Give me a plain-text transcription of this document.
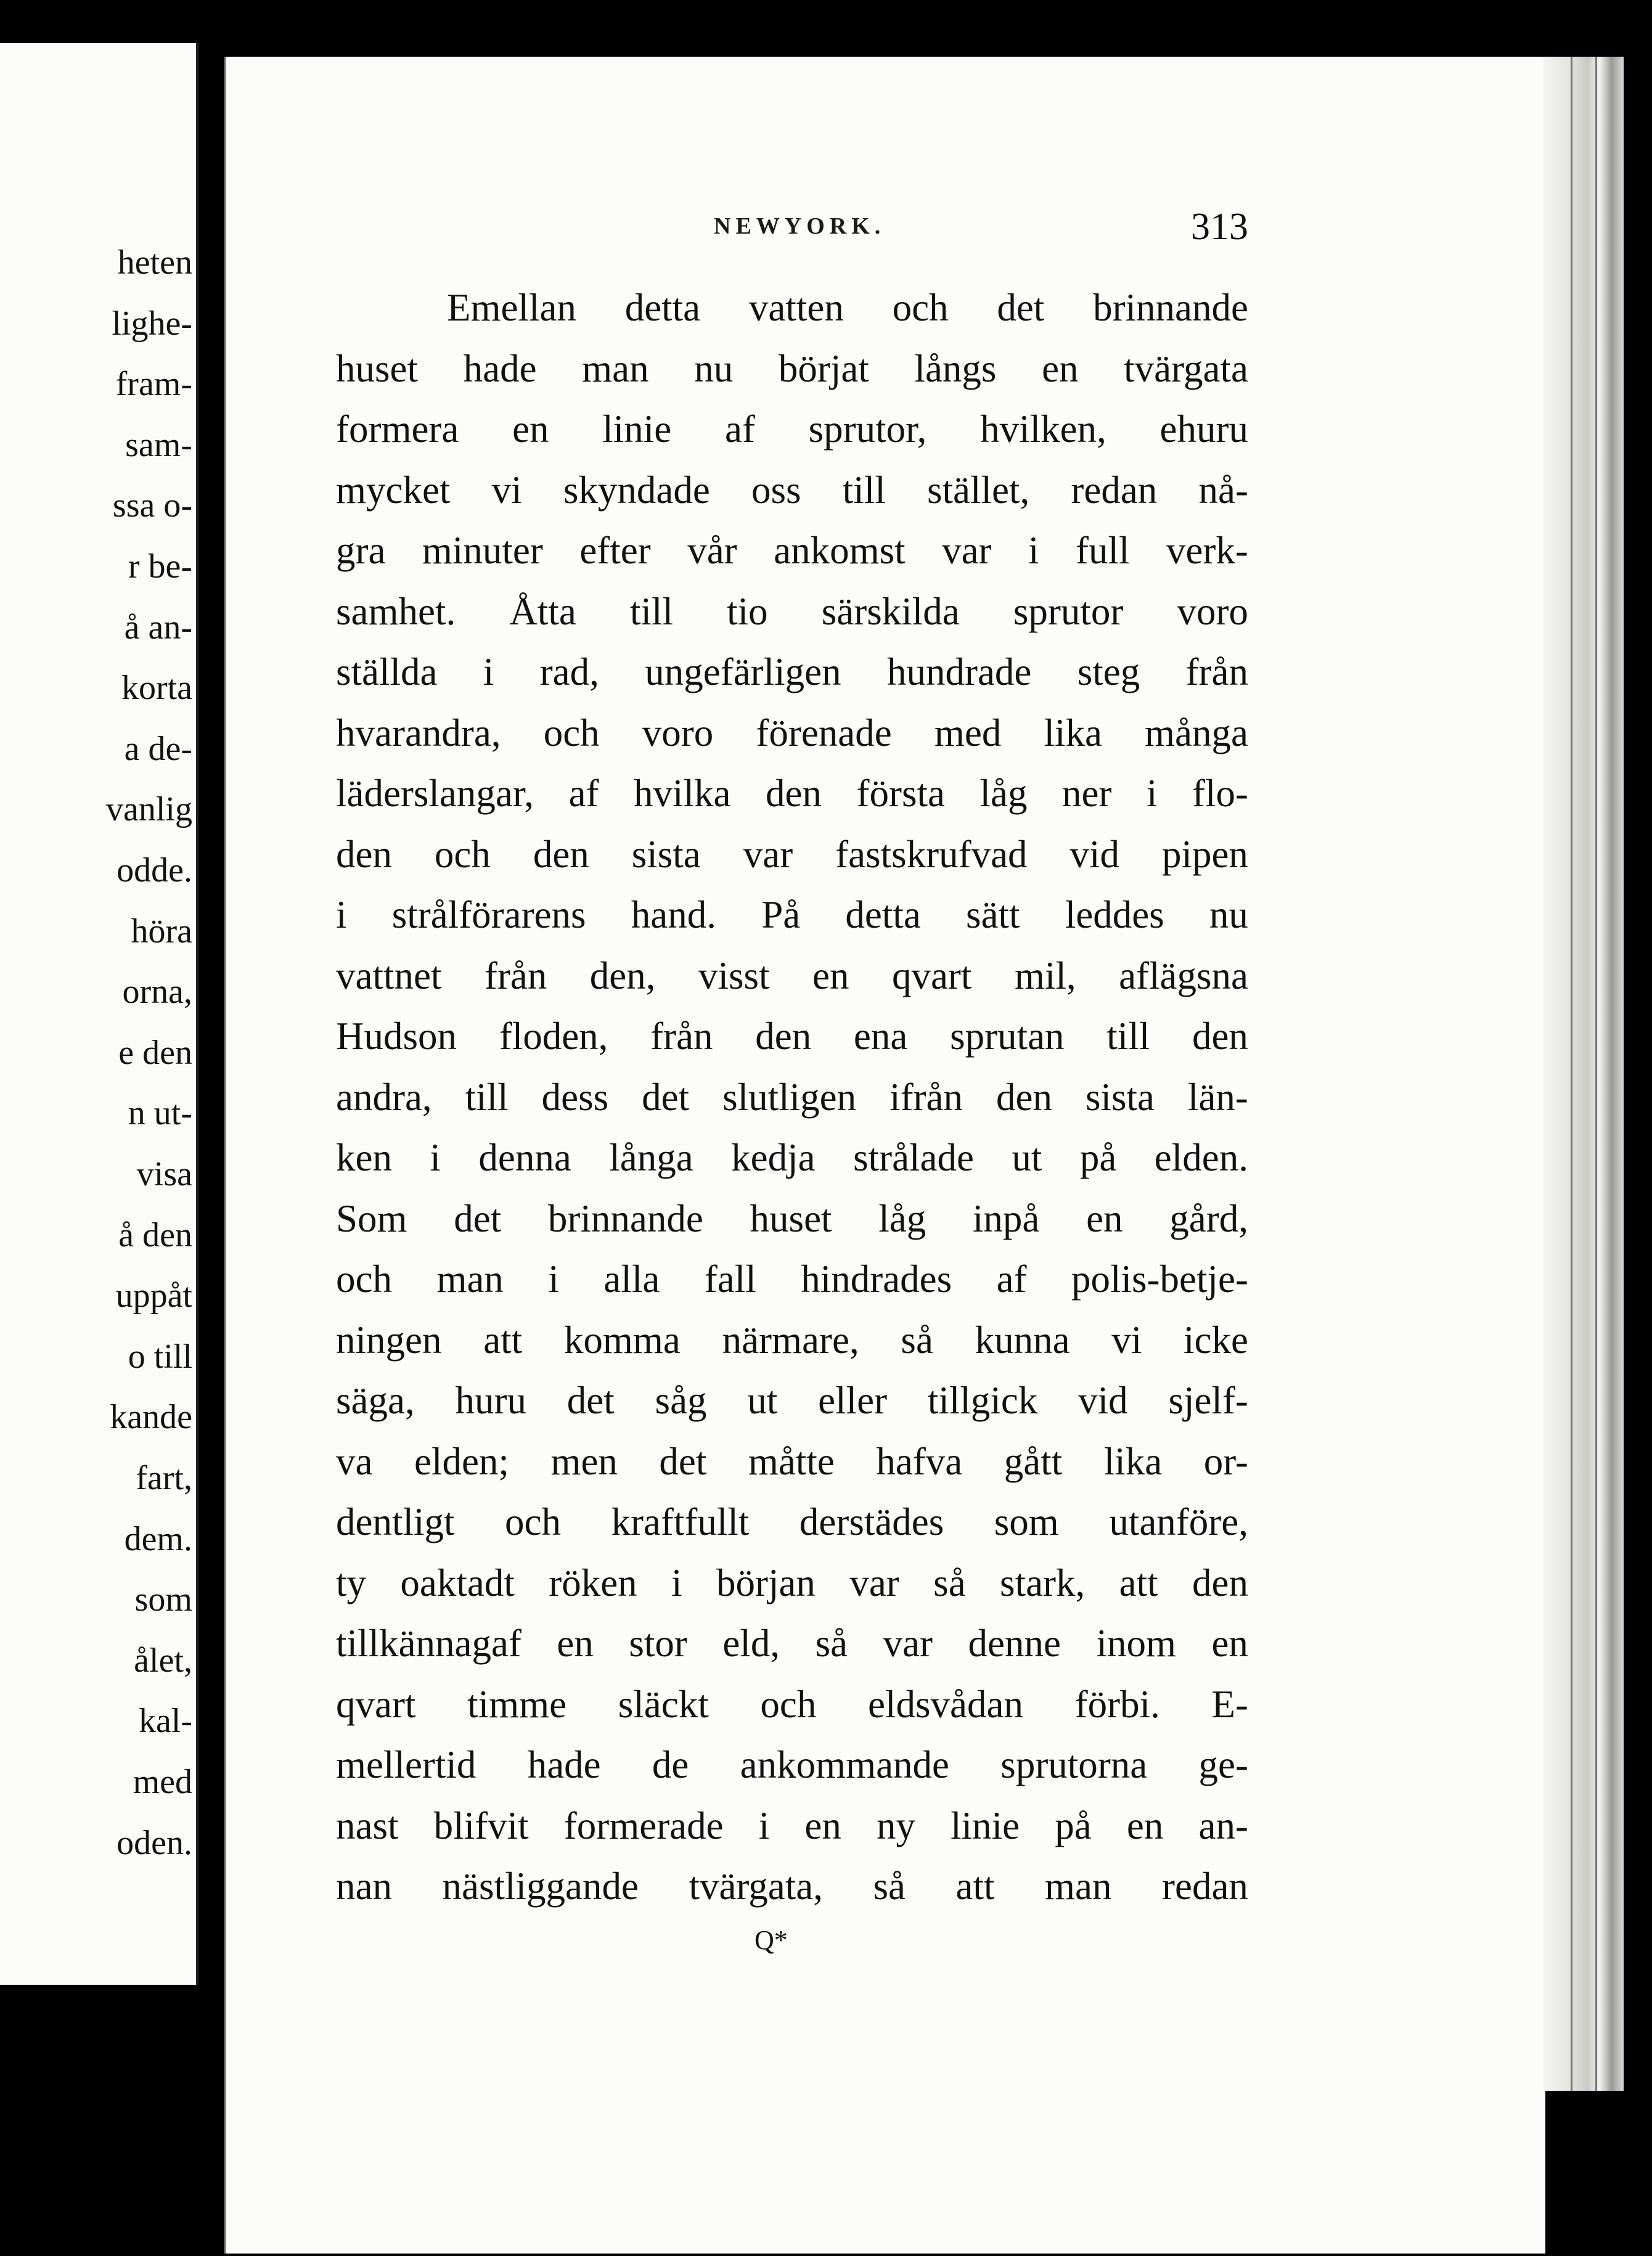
heten
lighe-
fram-
sam-
ssa o-
r be-
å an-
korta
a de-
vanlig
odde.
höra
orna,
e den
n ut-
visa
å den
uppåt
o till
kande
fart,
dem.
som
ålet,
kal-
med
oden.
NEWYORK.	313
Emellan detta vatten och det brinnande
huset hade man nu börjat långs en tvärgata
formera en linie af sprutor, hvilken, ehuru
mycket vi skyndade oss till stället, redan nå-
gra minuter efter vår ankomst var i full verk-
samhet. Åtta till tio särskilda sprutor voro
ställda i rad, ungefärligen hundrade steg från
hvarandra, och voro förenade med lika många
läderslangar, af hvilka den första låg ner i flo-
den och den sista var fastskrufvad vid pipen
i strålförarens hand. På detta sätt leddes nu
vattnet från den, visst en qvart mil, aflägsna
Hudson floden, från den ena sprutan till den
andra, till dess det slutligen ifrån den sista län-
ken i denna långa kedja strålade ut på elden.
Som det brinnande huset låg inpå en gård,
och man i alla fall hindrades af polis-betje-
ningen att komma närmare, så kunna vi icke
säga, huru det såg ut eller tillgick vid sjelf-
va elden; men det måtte hafva gått lika or-
dentligt och kraftfullt derstädes som utanföre,
ty oaktadt röken i början var så stark, att den
tillkännagaf en stor eld, så var denne inom en
qvart timme släckt och eldsvådan förbi. E-
mellertid hade de ankommande sprutorna ge-
nast blifvit formerade i en ny linie på en an-
nan nästliggande tvärgata, så att man redan
Q*
